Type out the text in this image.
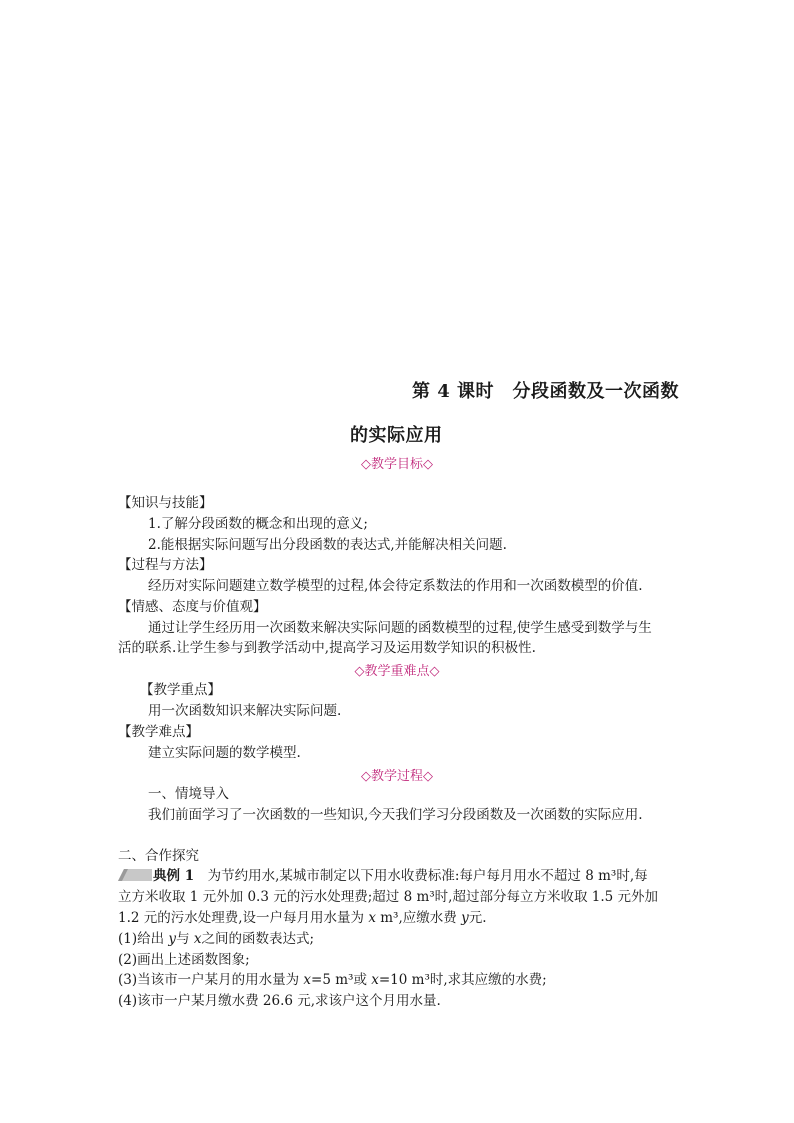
第 4 课时　分段函数及一次函数
的实际应用
◇教学目标◇
【知识与技能】
1.了解分段函数的概念和出现的意义;
2.能根据实际问题写出分段函数的表达式,并能解决相关问题.
【过程与方法】
经历对实际问题建立数学模型的过程,体会待定系数法的作用和一次函数模型的价值.
【情感、态度与价值观】
通过让学生经历用一次函数来解决实际问题的函数模型的过程,使学生感受到数学与生
活的联系.让学生参与到教学活动中,提高学习及运用数学知识的积极性.
◇教学重难点◇
【教学重点】
用一次函数知识来解决实际问题.
【教学难点】
建立实际问题的数学模型.
◇教学过程◇
一、情境导入
我们前面学习了一次函数的一些知识,今天我们学习分段函数及一次函数的实际应用.
二、合作探究
典例 1　为节约用水,某城市制定以下用水收费标准:每户每月用水不超过 8 m³时,每
立方米收取 1 元外加 0.3 元的污水处理费;超过 8 m³时,超过部分每立方米收取 1.5 元外加
1.2 元的污水处理费,设一户每月用水量为 x m³,应缴水费 y元.
(1)给出 y与 x之间的函数表达式;
(2)画出上述函数图象;
(3)当该市一户某月的用水量为 x=5 m³或 x=10 m³时,求其应缴的水费;
(4)该市一户某月缴水费 26.6 元,求该户这个月用水量.
